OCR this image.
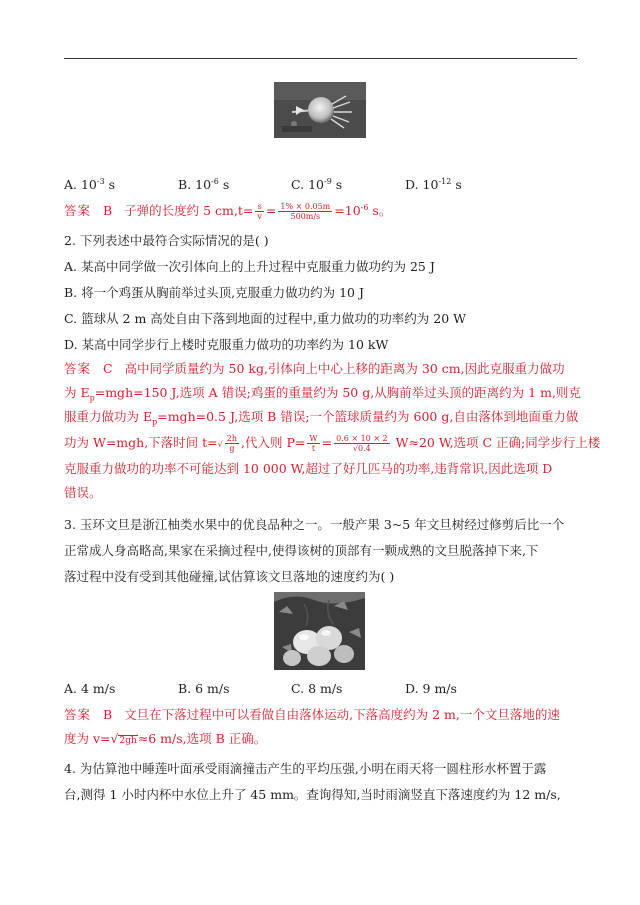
A. $10^{-3}$ s	B. $10^{-6}$ s	C. $10^{-9}$ s	D. $10^{-12}$ s
答案 B 子弹的长度约 5 $cm,t= \frac{s}{v} = \frac{1\% \times 0.05m}{500m/s} =10^{-6}$ s。
2. 下列表述中最符合实际情况的是( )
A. 某高中同学做一次引体向上的上升过程中克服重力做功约为 25 J
B. 将一个鸡蛋从胸前举过头顶,克服重力做功约为 10 J
C. 篮球从 2 m 高处自由下落到地面的过程中,重力做功的功率约为 20 W
D. 某高中同学步行上楼时克服重力做功的功率约为 10 kW
答案 C 高中同学质量约为 50 kg,引体向上中心上移的距离为 30 cm,因此克服重力做功
为 $E_p=mgh=150$ J,选项 A 错误;鸡蛋的重量约为 50 g,从胸前举过头顶的距离约为 1 m,则克
服重力做功为 $E_p=mgh=0.5$ J,选项 B 错误;一个篮球质量约为 600 g,自由落体到地面重力做
功为 W=mgh,下落时间 $t=√ \frac{2h}{g}$ ,代入则 $P= \frac{W}{t} = \frac{0.6 \times 10 \times 2}{√0.4} W\approx 20$ W,选项 C 正确;同学步行上楼
克服重力做功的功率不可能达到 10 000 W,超过了好几匹马的功率,违背常识,因此选项 D
错误。
3. 玉环文旦是浙江柚类水果中的优良品种之一。一般产果 3~5 年文旦树经过修剪后比一个
正常成人身高略高,果家在采摘过程中,使得该树的顶部有一颗成熟的文旦脱落掉下来,下
落过程中没有受到其他碰撞,试估算该文旦落地的速度约为( )
A. 4 m/s	B. 6 m/s	C. 8 m/s	D. 9 m/s
答案 B 文旦在下落过程中可以看做自由落体运动,下落高度约为 2 m,一个文旦落地的速
度为 v=√2gh≈6 m/s,选项 B 正确。
4. 为估算池中睡莲叶面承受雨滴撞击产生的平均压强,小明在雨天将一圆柱形水杯置于露
台,测得 1 小时内杯中水位上升了 45 mm。查询得知,当时雨滴竖直下落速度约为 12 m/s,
